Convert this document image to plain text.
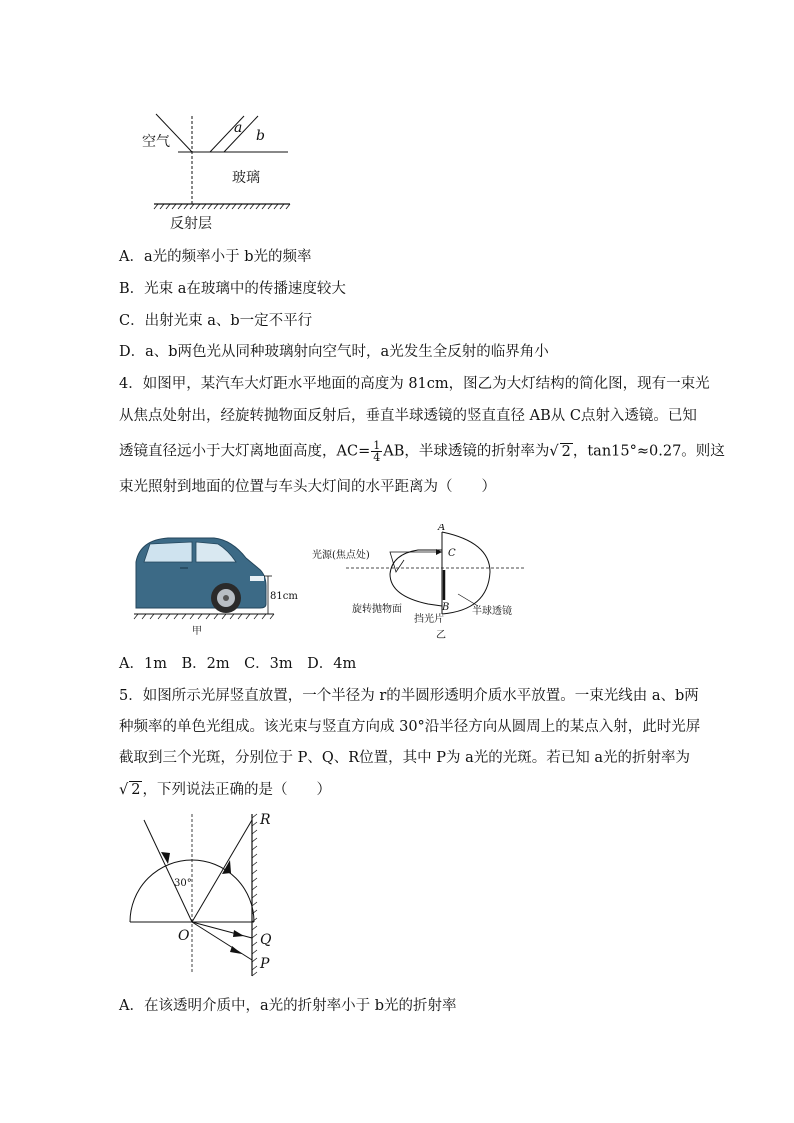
空气
玻璃
反射层
a b
A．a光的频率小于 b光的频率
B．光束 a在玻璃中的传播速度较大
C．出射光束 a、b一定不平行
D．a、b两色光从同种玻璃射向空气时，a光发生全反射的临界角小
4．如图甲，某汽车大灯距水平地面的高度为 81cm，图乙为大灯结构的简化图，现有一束光
从焦点处射出，经旋转抛物面反射后，垂直半球透镜的竖直直径 AB从 C点射入透镜。已知
透镜直径远小于大灯离地面高度，$AC= \frac{1}{4}$ AB，半球透镜的折射率为√ 2 ，tan15°≈0.27。则这
束光照射到地面的位置与车头大灯间的水平距离为（　　）
81cm
甲
光源(焦点处)
A
C
B
旋转抛物面
挡光片
半球透镜
乙
A．1m　B．2m　C．3m　D．4m
5．如图所示光屏竖直放置，一个半径为 r的半圆形透明介质水平放置。一束光线由 a、b两
种频率的单色光组成。该光束与竖直方向成 30°沿半径方向从圆周上的某点入射，此时光屏
截取到三个光斑，分别位于 P、Q、R位置，其中 P为 a光的光斑。若已知 a光的折射率为
√ 2 ，下列说法正确的是（　　）
30°
O
R
Q
P
A．在该透明介质中，a光的折射率小于 b光的折射率
